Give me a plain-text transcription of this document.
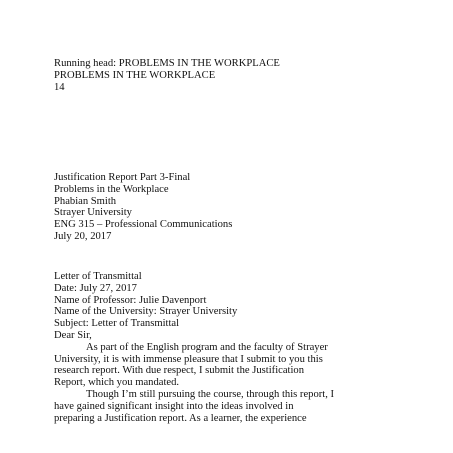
Running head: PROBLEMS IN THE WORKPLACE
PROBLEMS IN THE WORKPLACE
14
Justification Report Part 3-Final
Problems in the Workplace
Phabian Smith
Strayer University
ENG 315 – Professional Communications
July 20, 2017
Letter of Transmittal
Date: July 27, 2017
Name of Professor: Julie Davenport
Name of the University: Strayer University
Subject: Letter of Transmittal
Dear Sir,
As part of the English program and the faculty of Strayer
University, it is with immense pleasure that I submit to you this
research report. With due respect, I submit the Justification
Report, which you mandated.
Though I’m still pursuing the course, through this report, I
have gained significant insight into the ideas involved in
preparing a Justification report. As a learner, the experience
